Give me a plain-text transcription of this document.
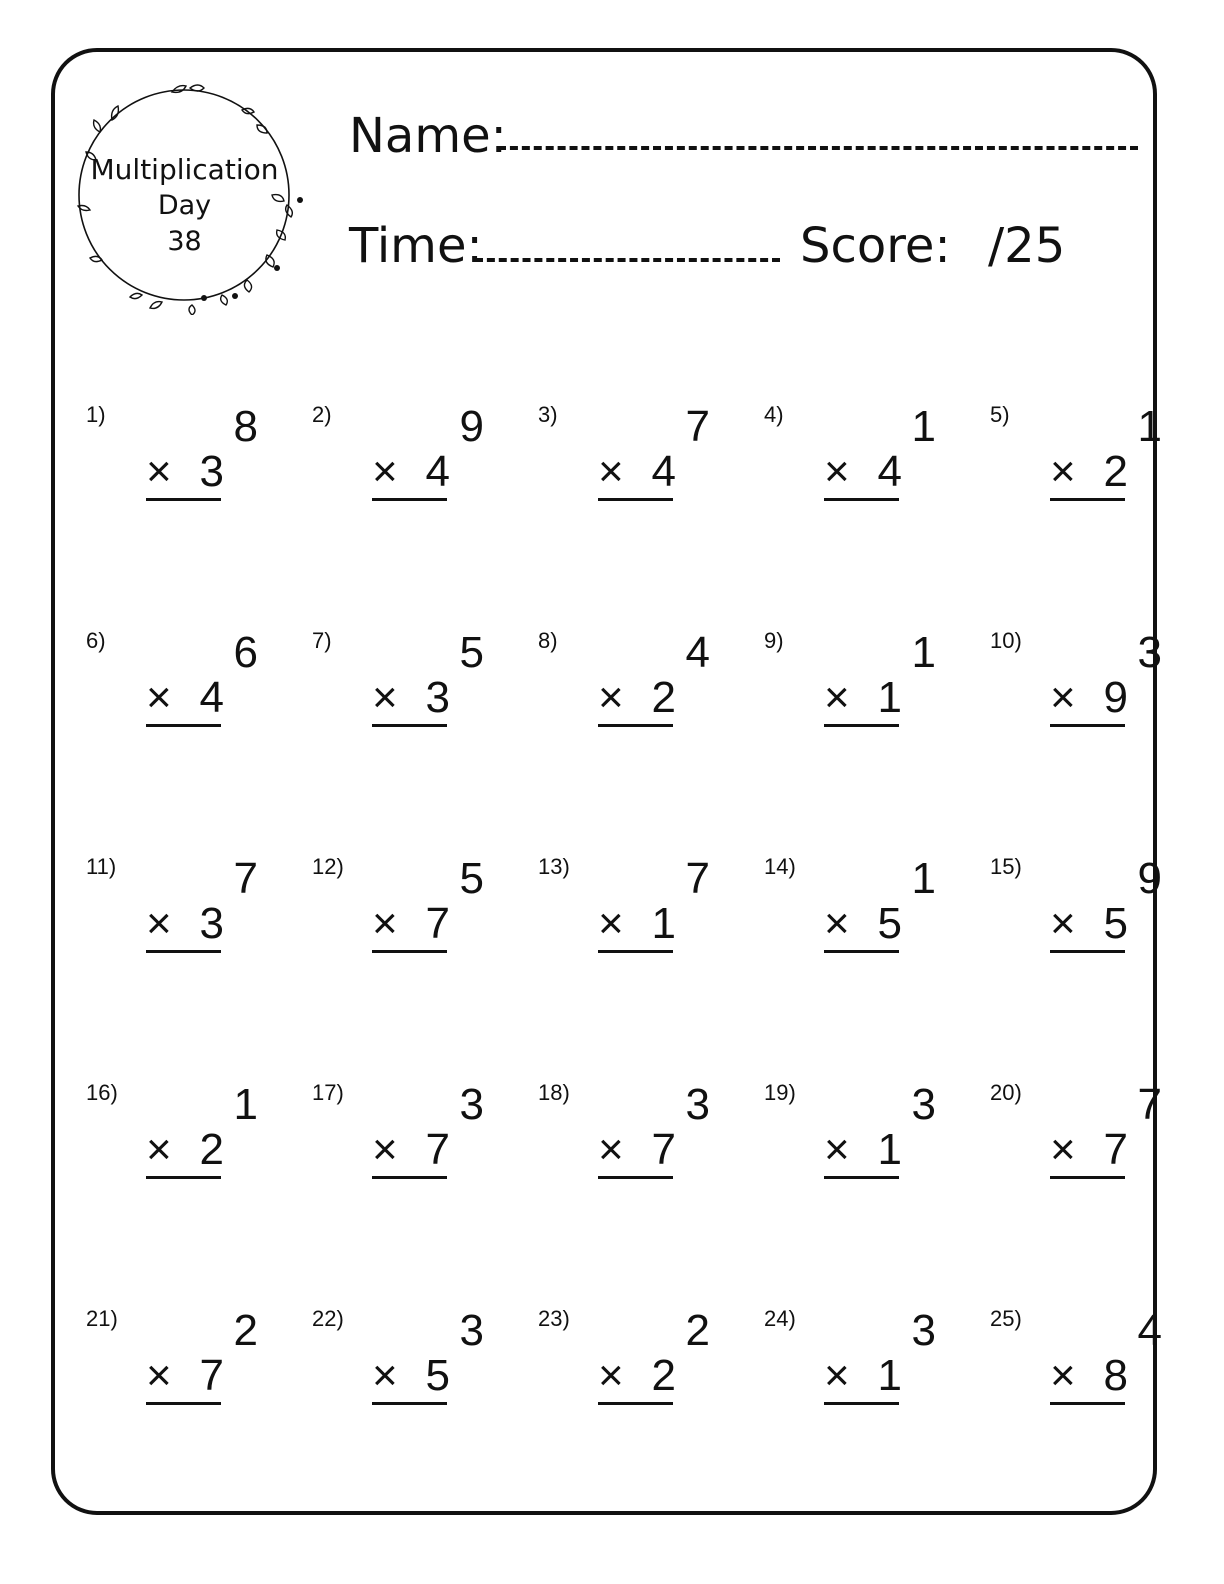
Multiplication
Day
38
Name:
Time:	Score: /25
1)	8
× 3
2)	9
× 4
3)	7
× 4
4)	1
× 4
5)	1
× 2
6)	6
× 4
7)	5
× 3
8)	4
× 2
9)	1
× 1
10)	3
× 9
11)	7
× 3
12)	5
× 7
13)	7
× 1
14)	1
× 5
15)	9
× 5
16)	1
× 2
17)	3
× 7
18)	3
× 7
19)	3
× 1
20)	7
× 7
21)	2
× 7
22)	3
× 5
23)	2
× 2
24)	3
× 1
25)	4
× 8
